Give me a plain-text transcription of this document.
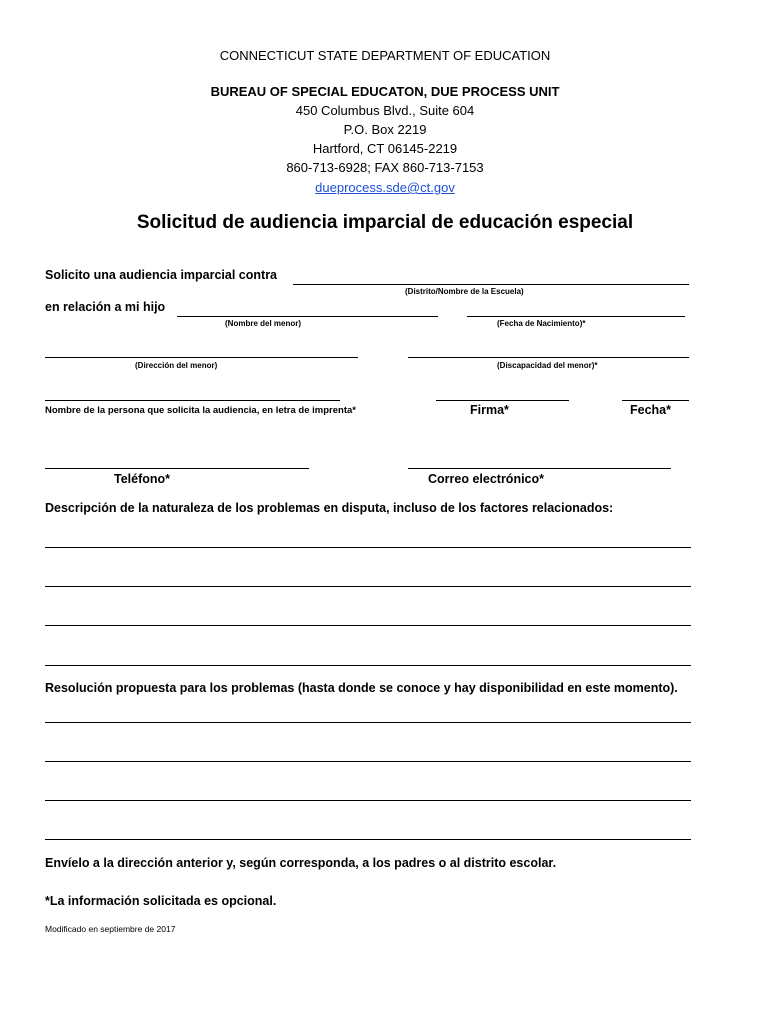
CONNECTICUT STATE DEPARTMENT OF EDUCATION
BUREAU OF SPECIAL EDUCATON, DUE PROCESS UNIT
450 Columbus Blvd., Suite 604
P.O. Box 2219
Hartford, CT 06145-2219
860-713-6928; FAX 860-713-7153
dueprocess.sde@ct.gov
Solicitud de audiencia imparcial de educación especial
Solicito una audiencia imparcial contra
(Distrito/Nombre de la Escuela)
en relación a mi hijo
(Nombre del menor)	(Fecha de Nacimiento)*
(Dirección del menor)	(Discapacidad del menor)*
Nombre de la persona que solicita la audiencia, en letra de imprenta*	Firma*	Fecha*
Teléfono*	Correo electrónico*
Descripción de la naturaleza de los problemas en disputa, incluso de los factores relacionados:
Resolución propuesta para los problemas (hasta donde se conoce y hay disponibilidad en este momento).
Envíelo a la dirección anterior y, según corresponda, a los padres o al distrito escolar.
*La información solicitada es opcional.
Modificado en septiembre de 2017
